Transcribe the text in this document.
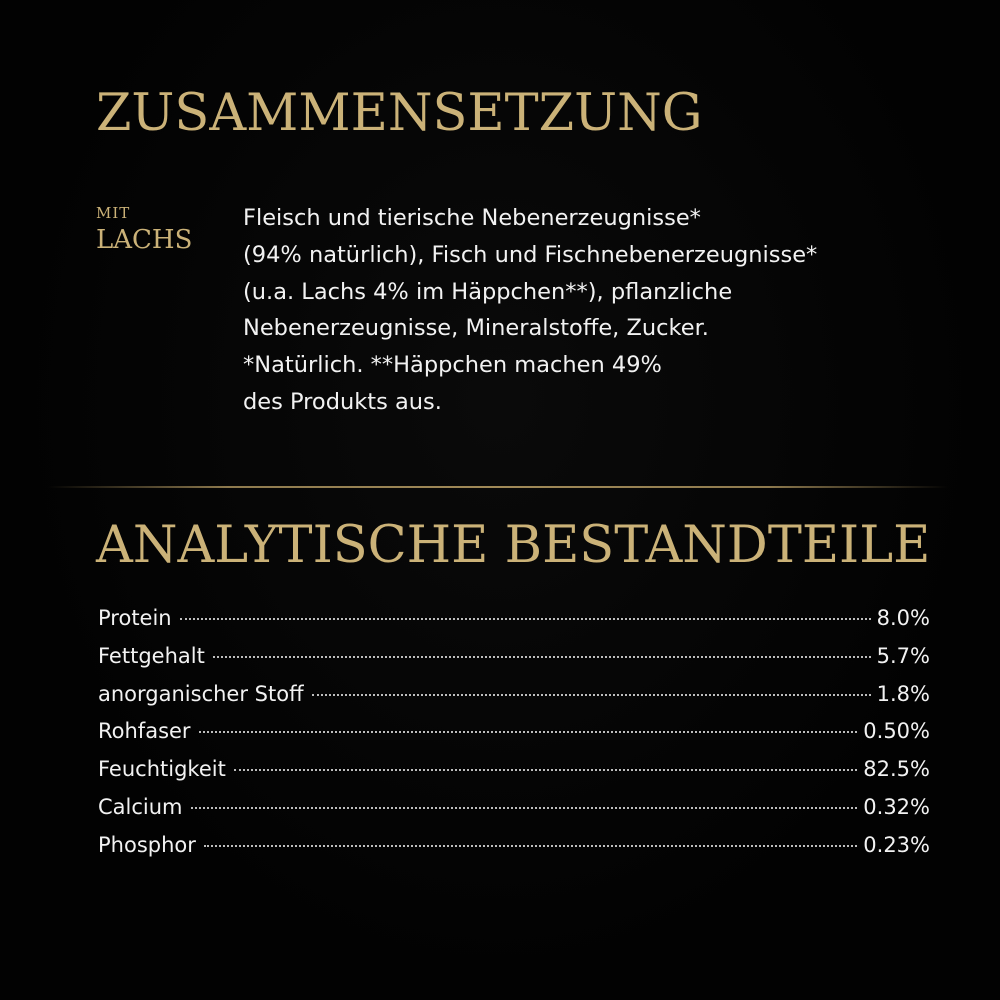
ZUSAMMENSETZUNG
MIT
LACHS

Fleisch und tierische Nebenerzeugnisse*
(94% natürlich), Fisch und Fischnebenerzeugnisse*
(u.a. Lachs 4% im Häppchen**), pflanzliche
Nebenerzeugnisse, Mineralstoffe, Zucker.
*Natürlich. **Häppchen machen 49%
des Produkts aus.

ANALYTISCHE BESTANDTEILE
Protein	8.0%
Fettgehalt	5.7%
anorganischer Stoff	1.8%
Rohfaser	0.50%
Feuchtigkeit	82.5%
Calcium	0.32%
Phosphor	0.23%
